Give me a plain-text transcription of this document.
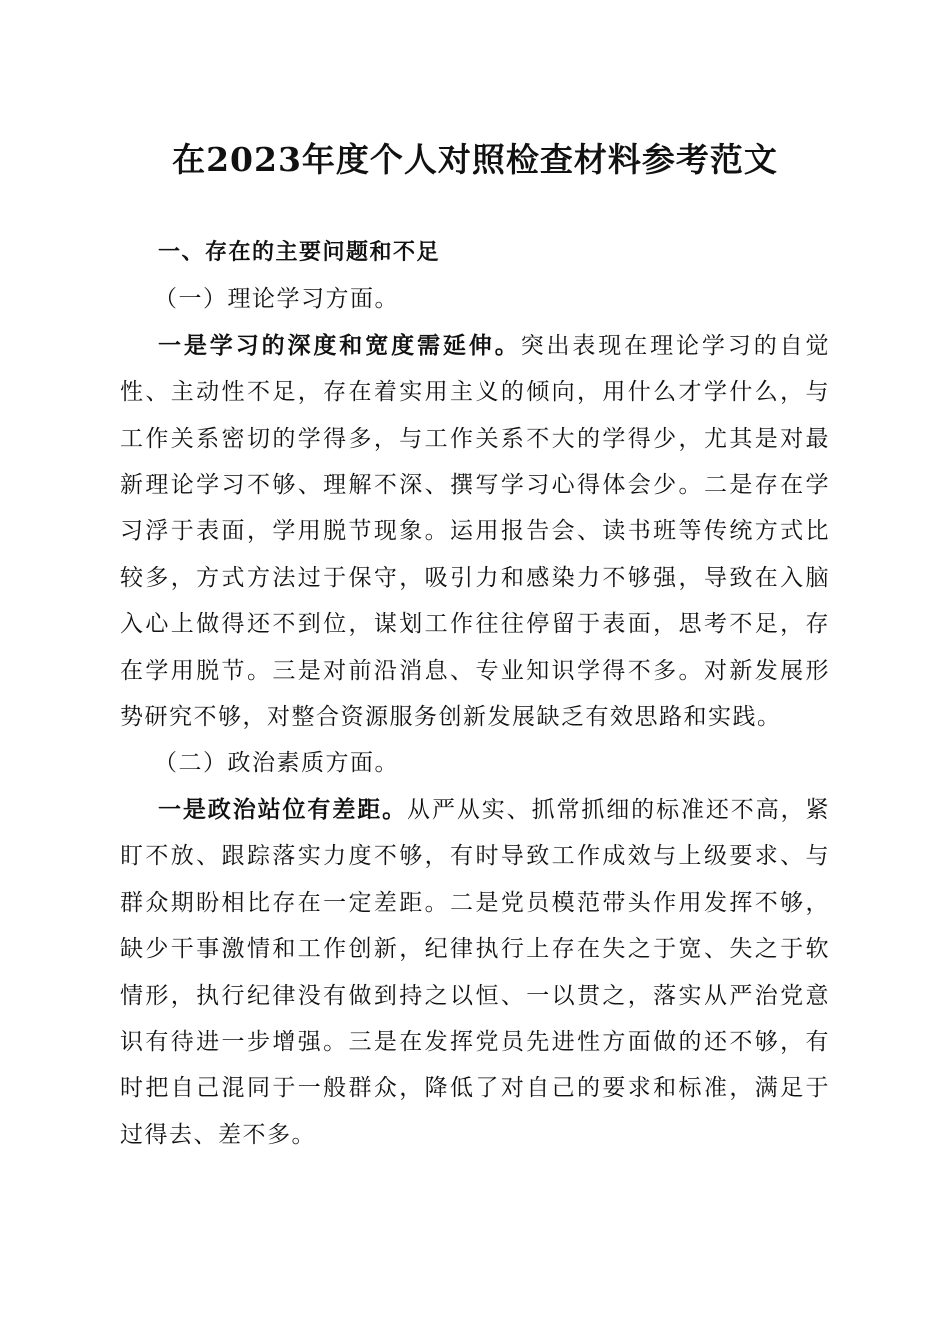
在2023年度个人对照检查材料参考范文

一、存在的主要问题和不足

（一）理论学习方面。

一是学习的深度和宽度需延伸。突出表现在理论学习的自觉性、主动性不足，存在着实用主义的倾向，用什么才学什么，与工作关系密切的学得多，与工作关系不大的学得少，尤其是对最新理论学习不够、理解不深、撰写学习心得体会少。二是存在学习浮于表面，学用脱节现象。运用报告会、读书班等传统方式比较多，方式方法过于保守，吸引力和感染力不够强，导致在入脑入心上做得还不到位，谋划工作往往停留于表面，思考不足，存在学用脱节。三是对前沿消息、专业知识学得不多。对新发展形势研究不够，对整合资源服务创新发展缺乏有效思路和实践。

（二）政治素质方面。

一是政治站位有差距。从严从实、抓常抓细的标准还不高，紧盯不放、跟踪落实力度不够，有时导致工作成效与上级要求、与群众期盼相比存在一定差距。二是党员模范带头作用发挥不够，缺少干事激情和工作创新，纪律执行上存在失之于宽、失之于软情形，执行纪律没有做到持之以恒、一以贯之，落实从严治党意识有待进一步增强。三是在发挥党员先进性方面做的还不够，有时把自己混同于一般群众，降低了对自己的要求和标准，满足于过得去、差不多。
